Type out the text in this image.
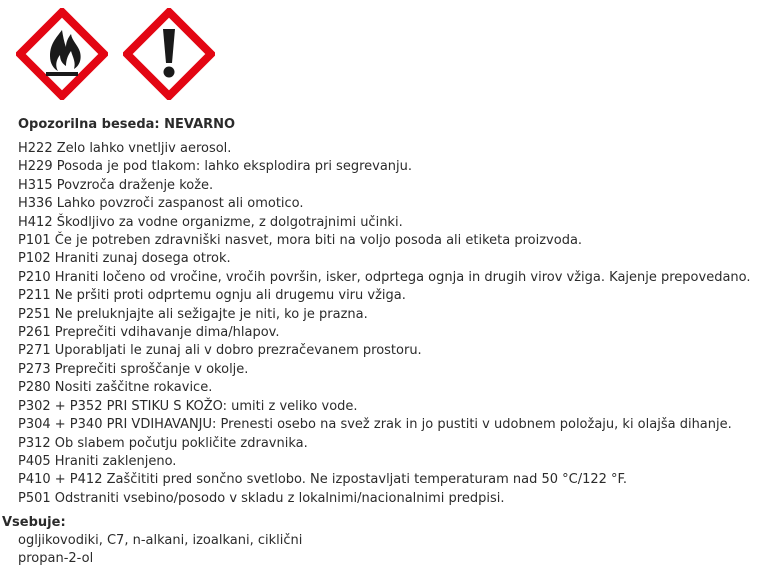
Opozorilna beseda: NEVARNO
H222 Zelo lahko vnetljiv aerosol.
H229 Posoda je pod tlakom: lahko eksplodira pri segrevanju.
H315 Povzroča draženje kože.
H336 Lahko povzroči zaspanost ali omotico.
H412 Škodljivo za vodne organizme, z dolgotrajnimi učinki.
P101 Če je potreben zdravniški nasvet, mora biti na voljo posoda ali etiketa proizvoda.
P102 Hraniti zunaj dosega otrok.
P210 Hraniti ločeno od vročine, vročih površin, isker, odprtega ognja in drugih virov vžiga. Kajenje prepovedano.
P211 Ne pršiti proti odprtemu ognju ali drugemu viru vžiga.
P251 Ne preluknjajte ali sežigajte je niti, ko je prazna.
P261 Preprečiti vdihavanje dima/hlapov.
P271 Uporabljati le zunaj ali v dobro prezračevanem prostoru.
P273 Preprečiti sproščanje v okolje.
P280 Nositi zaščitne rokavice.
P302 + P352 PRI STIKU S KOŽO: umiti z veliko vode.
P304 + P340 PRI VDIHAVANJU: Prenesti osebo na svež zrak in jo pustiti v udobnem položaju, ki olajša dihanje.
P312 Ob slabem počutju pokličite zdravnika.
P405 Hraniti zaklenjeno.
P410 + P412 Zaščititi pred sončno svetlobo. Ne izpostavljati temperaturam nad 50 °C/122 °F.
P501 Odstraniti vsebino/posodo v skladu z lokalnimi/nacionalnimi predpisi.
Vsebuje:
ogljikovodiki, C7, n-alkani, izoalkani, ciklični
propan-2-ol
